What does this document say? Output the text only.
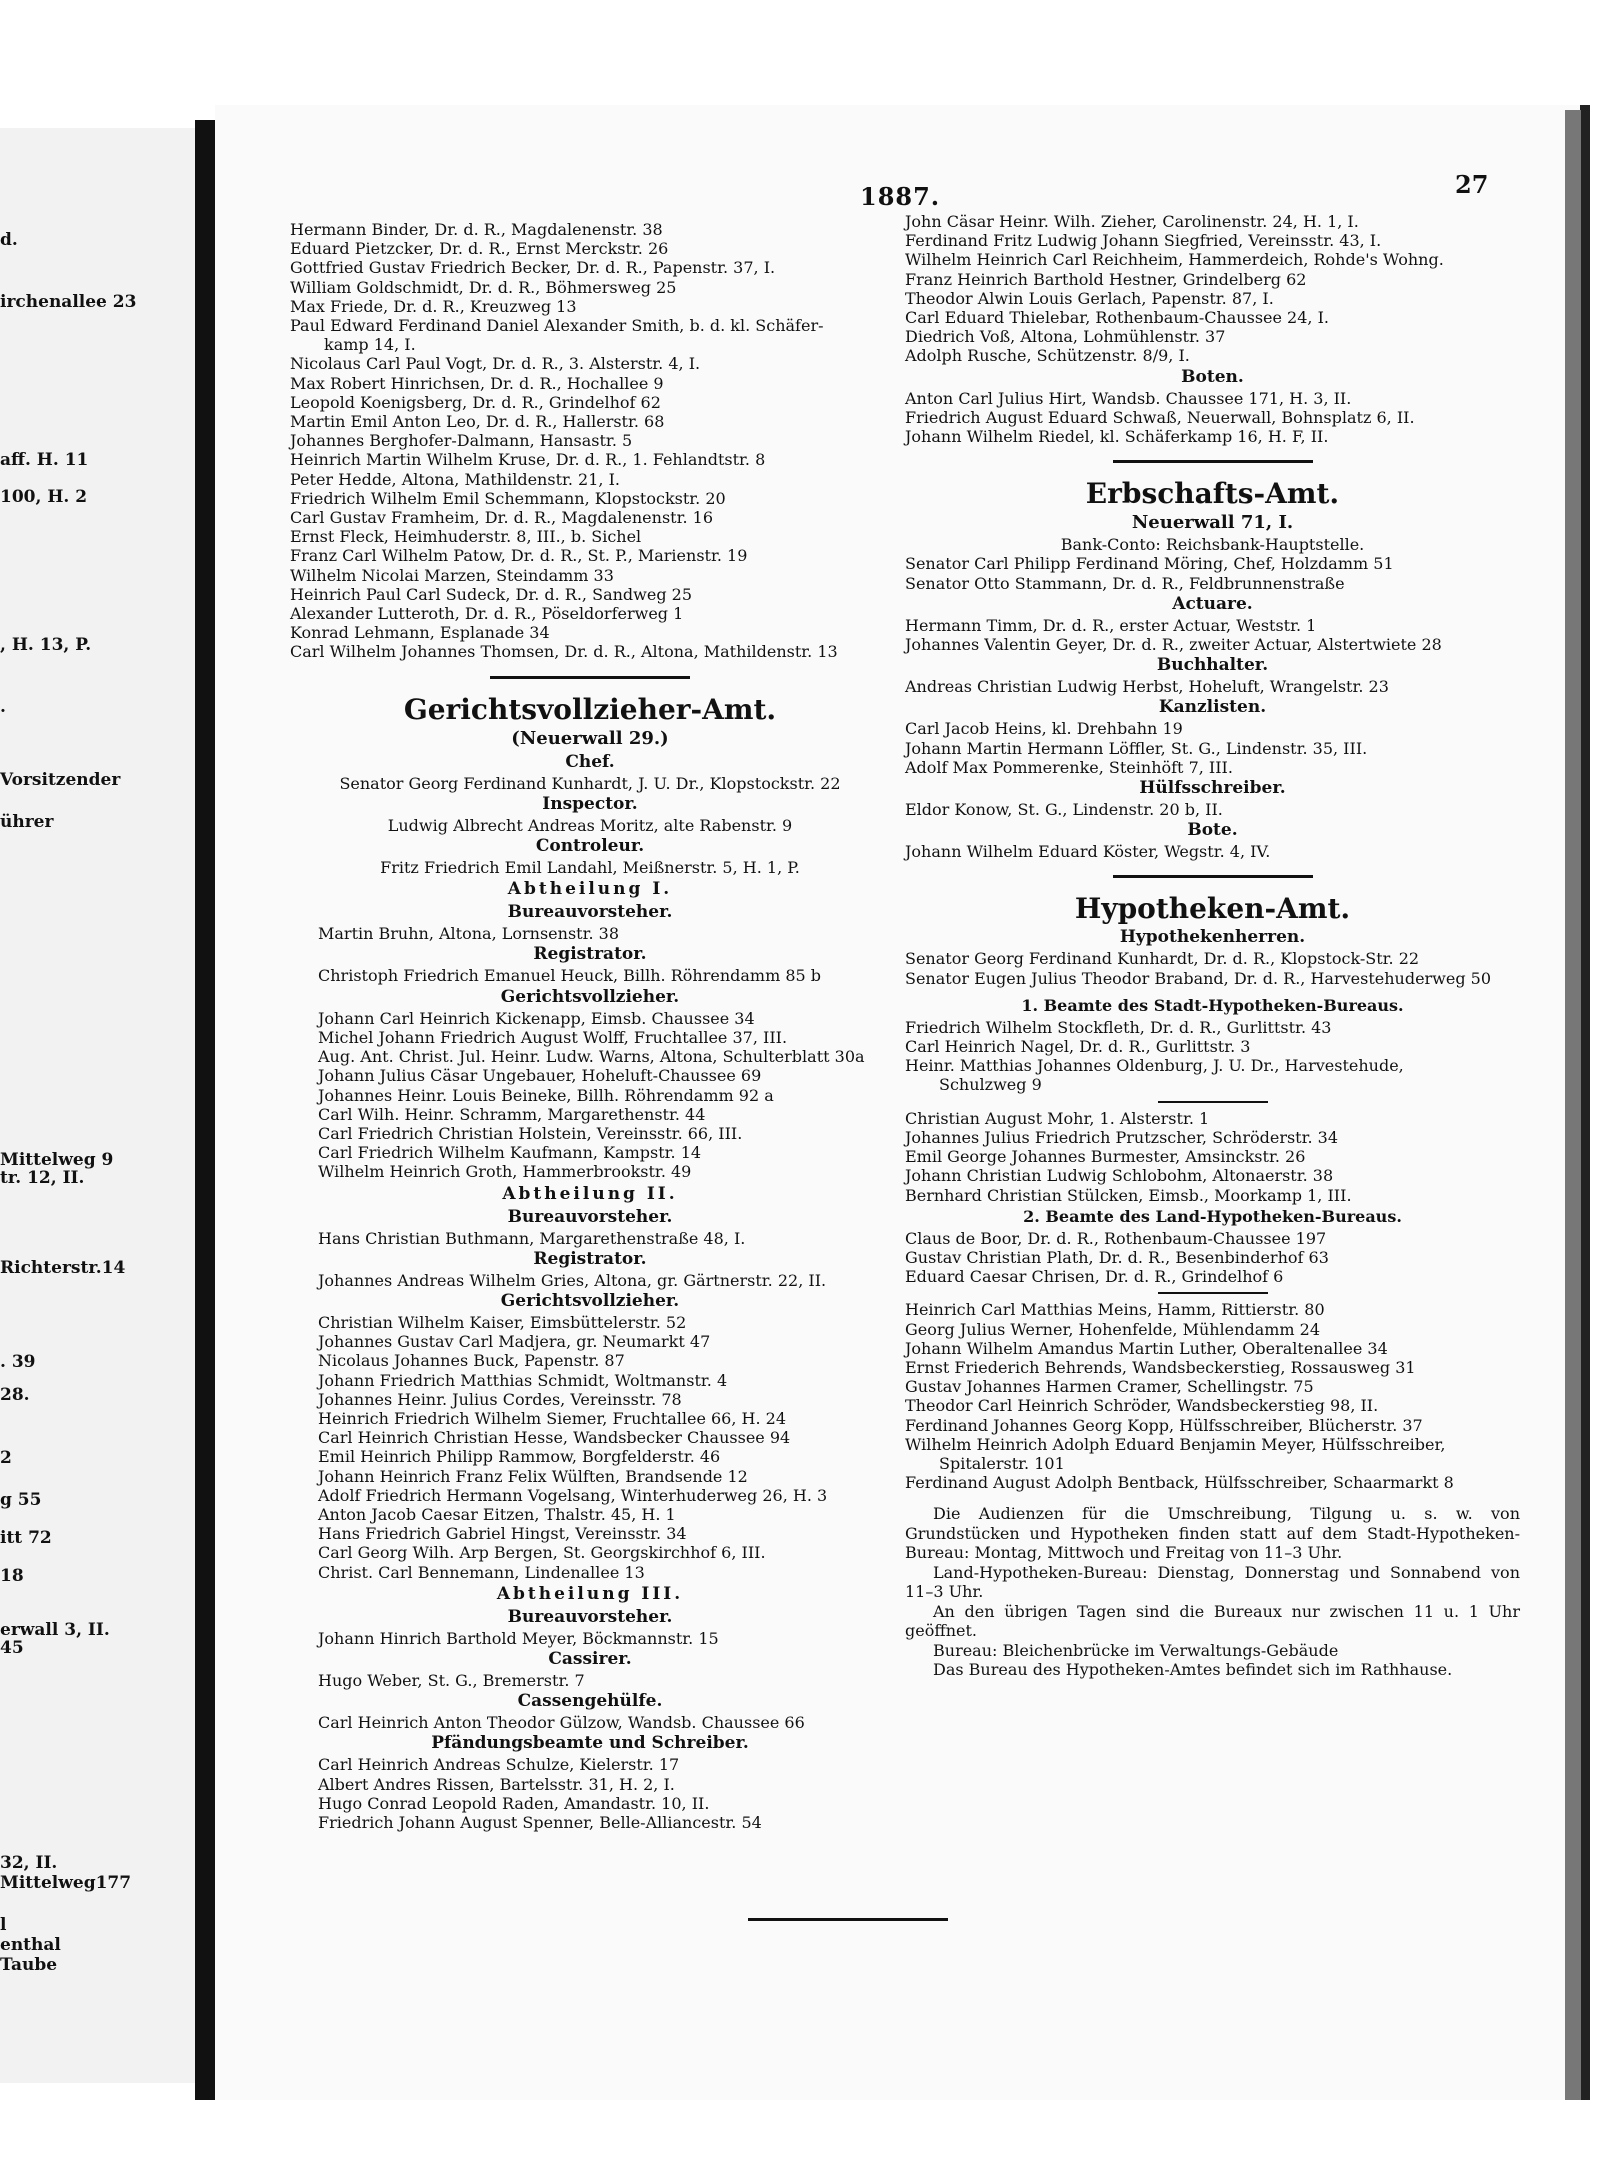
d.
irchenallee 23
aff. H. 11
100, H. 2
, H. 13, P.
.
Vorsitzender
ührer
Mittelweg 9
tr. 12, II.
Richterstr.14
. 39
28.
2
g 55
itt 72
18
erwall 3, II.
45
32, II.
Mittelweg177
l
enthal
Taube
1887.	27
Hermann Binder, Dr. d. R., Magdalenenstr. 38
Eduard Pietzcker, Dr. d. R., Ernst Merckstr. 26
Gottfried Gustav Friedrich Becker, Dr. d. R., Papenstr. 37, I.
William Goldschmidt, Dr. d. R., Böhmersweg 25
Max Friede, Dr. d. R., Kreuzweg 13
Paul Edward Ferdinand Daniel Alexander Smith, b. d. kl. Schäfer-
kamp 14, I.
Nicolaus Carl Paul Vogt, Dr. d. R., 3. Alsterstr. 4, I.
Max Robert Hinrichsen, Dr. d. R., Hochallee 9
Leopold Koenigsberg, Dr. d. R., Grindelhof 62
Martin Emil Anton Leo, Dr. d. R., Hallerstr. 68
Johannes Berghofer-Dalmann, Hansastr. 5
Heinrich Martin Wilhelm Kruse, Dr. d. R., 1. Fehlandtstr. 8
Peter Hedde, Altona, Mathildenstr. 21, I.
Friedrich Wilhelm Emil Schemmann, Klopstockstr. 20
Carl Gustav Framheim, Dr. d. R., Magdalenenstr. 16
Ernst Fleck, Heimhuderstr. 8, III., b. Sichel
Franz Carl Wilhelm Patow, Dr. d. R., St. P., Marienstr. 19
Wilhelm Nicolai Marzen, Steindamm 33
Heinrich Paul Carl Sudeck, Dr. d. R., Sandweg 25
Alexander Lutteroth, Dr. d. R., Pöseldorferweg 1
Konrad Lehmann, Esplanade 34
Carl Wilhelm Johannes Thomsen, Dr. d. R., Altona, Mathildenstr. 13
Gerichtsvollzieher-Amt.
(Neuerwall 29.)
Chef.
Senator Georg Ferdinand Kunhardt, J. U. Dr., Klopstockstr. 22
Inspector.
Ludwig Albrecht Andreas Moritz, alte Rabenstr. 9
Controleur.
Fritz Friedrich Emil Landahl, Meißnerstr. 5, H. 1, P.
Abtheilung I.
Bureauvorsteher.
Martin Bruhn, Altona, Lornsenstr. 38
Registrator.
Christoph Friedrich Emanuel Heuck, Billh. Röhrendamm 85 b
Gerichtsvollzieher.
Johann Carl Heinrich Kickenapp, Eimsb. Chaussee 34
Michel Johann Friedrich August Wolff, Fruchtallee 37, III.
Aug. Ant. Christ. Jul. Heinr. Ludw. Warns, Altona, Schulterblatt 30a
Johann Julius Cäsar Ungebauer, Hoheluft-Chaussee 69
Johannes Heinr. Louis Beineke, Billh. Röhrendamm 92 a
Carl Wilh. Heinr. Schramm, Margarethenstr. 44
Carl Friedrich Christian Holstein, Vereinsstr. 66, III.
Carl Friedrich Wilhelm Kaufmann, Kampstr. 14
Wilhelm Heinrich Groth, Hammerbrookstr. 49
Abtheilung II.
Bureauvorsteher.
Hans Christian Buthmann, Margarethenstraße 48, I.
Registrator.
Johannes Andreas Wilhelm Gries, Altona, gr. Gärtnerstr. 22, II.
Gerichtsvollzieher.
Christian Wilhelm Kaiser, Eimsbüttelerstr. 52
Johannes Gustav Carl Madjera, gr. Neumarkt 47
Nicolaus Johannes Buck, Papenstr. 87
Johann Friedrich Matthias Schmidt, Woltmanstr. 4
Johannes Heinr. Julius Cordes, Vereinsstr. 78
Heinrich Friedrich Wilhelm Siemer, Fruchtallee 66, H. 24
Carl Heinrich Christian Hesse, Wandsbecker Chaussee 94
Emil Heinrich Philipp Rammow, Borgfelderstr. 46
Johann Heinrich Franz Felix Wülften, Brandsende 12
Adolf Friedrich Hermann Vogelsang, Winterhuderweg 26, H. 3
Anton Jacob Caesar Eitzen, Thalstr. 45, H. 1
Hans Friedrich Gabriel Hingst, Vereinsstr. 34
Carl Georg Wilh. Arp Bergen, St. Georgskirchhof 6, III.
Christ. Carl Bennemann, Lindenallee 13
Abtheilung III.
Bureauvorsteher.
Johann Hinrich Barthold Meyer, Böckmannstr. 15
Cassirer.
Hugo Weber, St. G., Bremerstr. 7
Cassengehülfe.
Carl Heinrich Anton Theodor Gülzow, Wandsb. Chaussee 66
Pfändungsbeamte und Schreiber.
Carl Heinrich Andreas Schulze, Kielerstr. 17
Albert Andres Rissen, Bartelsstr. 31, H. 2, I.
Hugo Conrad Leopold Raden, Amandastr. 10, II.
Friedrich Johann August Spenner, Belle-Alliancestr. 54
John Cäsar Heinr. Wilh. Zieher, Carolinenstr. 24, H. 1, I.
Ferdinand Fritz Ludwig Johann Siegfried, Vereinsstr. 43, I.
Wilhelm Heinrich Carl Reichheim, Hammerdeich, Rohde's Wohng.
Franz Heinrich Barthold Hestner, Grindelberg 62
Theodor Alwin Louis Gerlach, Papenstr. 87, I.
Carl Eduard Thielebar, Rothenbaum-Chaussee 24, I.
Diedrich Voß, Altona, Lohmühlenstr. 37
Adolph Rusche, Schützenstr. 8/9, I.
Boten.
Anton Carl Julius Hirt, Wandsb. Chaussee 171, H. 3, II.
Friedrich August Eduard Schwaß, Neuerwall, Bohnsplatz 6, II.
Johann Wilhelm Riedel, kl. Schäferkamp 16, H. F, II.
Erbschafts-Amt.
Neuerwall 71, I.
Bank-Conto: Reichsbank-Hauptstelle.
Senator Carl Philipp Ferdinand Möring, Chef, Holzdamm 51
Senator Otto Stammann, Dr. d. R., Feldbrunnenstraße
Actuare.
Hermann Timm, Dr. d. R., erster Actuar, Weststr. 1
Johannes Valentin Geyer, Dr. d. R., zweiter Actuar, Alstertwiete 28
Buchhalter.
Andreas Christian Ludwig Herbst, Hoheluft, Wrangelstr. 23
Kanzlisten.
Carl Jacob Heins, kl. Drehbahn 19
Johann Martin Hermann Löffler, St. G., Lindenstr. 35, III.
Adolf Max Pommerenke, Steinhöft 7, III.
Hülfsschreiber.
Eldor Konow, St. G., Lindenstr. 20 b, II.
Bote.
Johann Wilhelm Eduard Köster, Wegstr. 4, IV.
Hypotheken-Amt.
Hypothekenherren.
Senator Georg Ferdinand Kunhardt, Dr. d. R., Klopstock-Str. 22
Senator Eugen Julius Theodor Braband, Dr. d. R., Harvestehuderweg 50
1. Beamte des Stadt-Hypotheken-Bureaus.
Friedrich Wilhelm Stockfleth, Dr. d. R., Gurlittstr. 43
Carl Heinrich Nagel, Dr. d. R., Gurlittstr. 3
Heinr. Matthias Johannes Oldenburg, J. U. Dr., Harvestehude,
Schulzweg 9
Christian August Mohr, 1. Alsterstr. 1
Johannes Julius Friedrich Prutzscher, Schröderstr. 34
Emil George Johannes Burmester, Amsinckstr. 26
Johann Christian Ludwig Schlobohm, Altonaerstr. 38
Bernhard Christian Stülcken, Eimsb., Moorkamp 1, III.
2. Beamte des Land-Hypotheken-Bureaus.
Claus de Boor, Dr. d. R., Rothenbaum-Chaussee 197
Gustav Christian Plath, Dr. d. R., Besenbinderhof 63
Eduard Caesar Chrisen, Dr. d. R., Grindelhof 6
Heinrich Carl Matthias Meins, Hamm, Rittierstr. 80
Georg Julius Werner, Hohenfelde, Mühlendamm 24
Johann Wilhelm Amandus Martin Luther, Oberaltenallee 34
Ernst Friederich Behrends, Wandsbeckerstieg, Rossausweg 31
Gustav Johannes Harmen Cramer, Schellingstr. 75
Theodor Carl Heinrich Schröder, Wandsbeckerstieg 98, II.
Ferdinand Johannes Georg Kopp, Hülfsschreiber, Blücherstr. 37
Wilhelm Heinrich Adolph Eduard Benjamin Meyer, Hülfsschreiber,
Spitalerstr. 101
Ferdinand August Adolph Bentback, Hülfsschreiber, Schaarmarkt 8
Die Audienzen für die Umschreibung, Tilgung u. s. w. von Grundstücken und Hypotheken finden statt auf dem Stadt-Hypotheken-Bureau: Montag, Mittwoch und Freitag von 11–3 Uhr.
Land-Hypotheken-Bureau: Dienstag, Donnerstag und Sonnabend von 11–3 Uhr.
An den übrigen Tagen sind die Bureaux nur zwischen 11 u. 1 Uhr geöffnet.
Bureau: Bleichenbrücke im Verwaltungs-Gebäude
Das Bureau des Hypotheken-Amtes befindet sich im Rathhause.
